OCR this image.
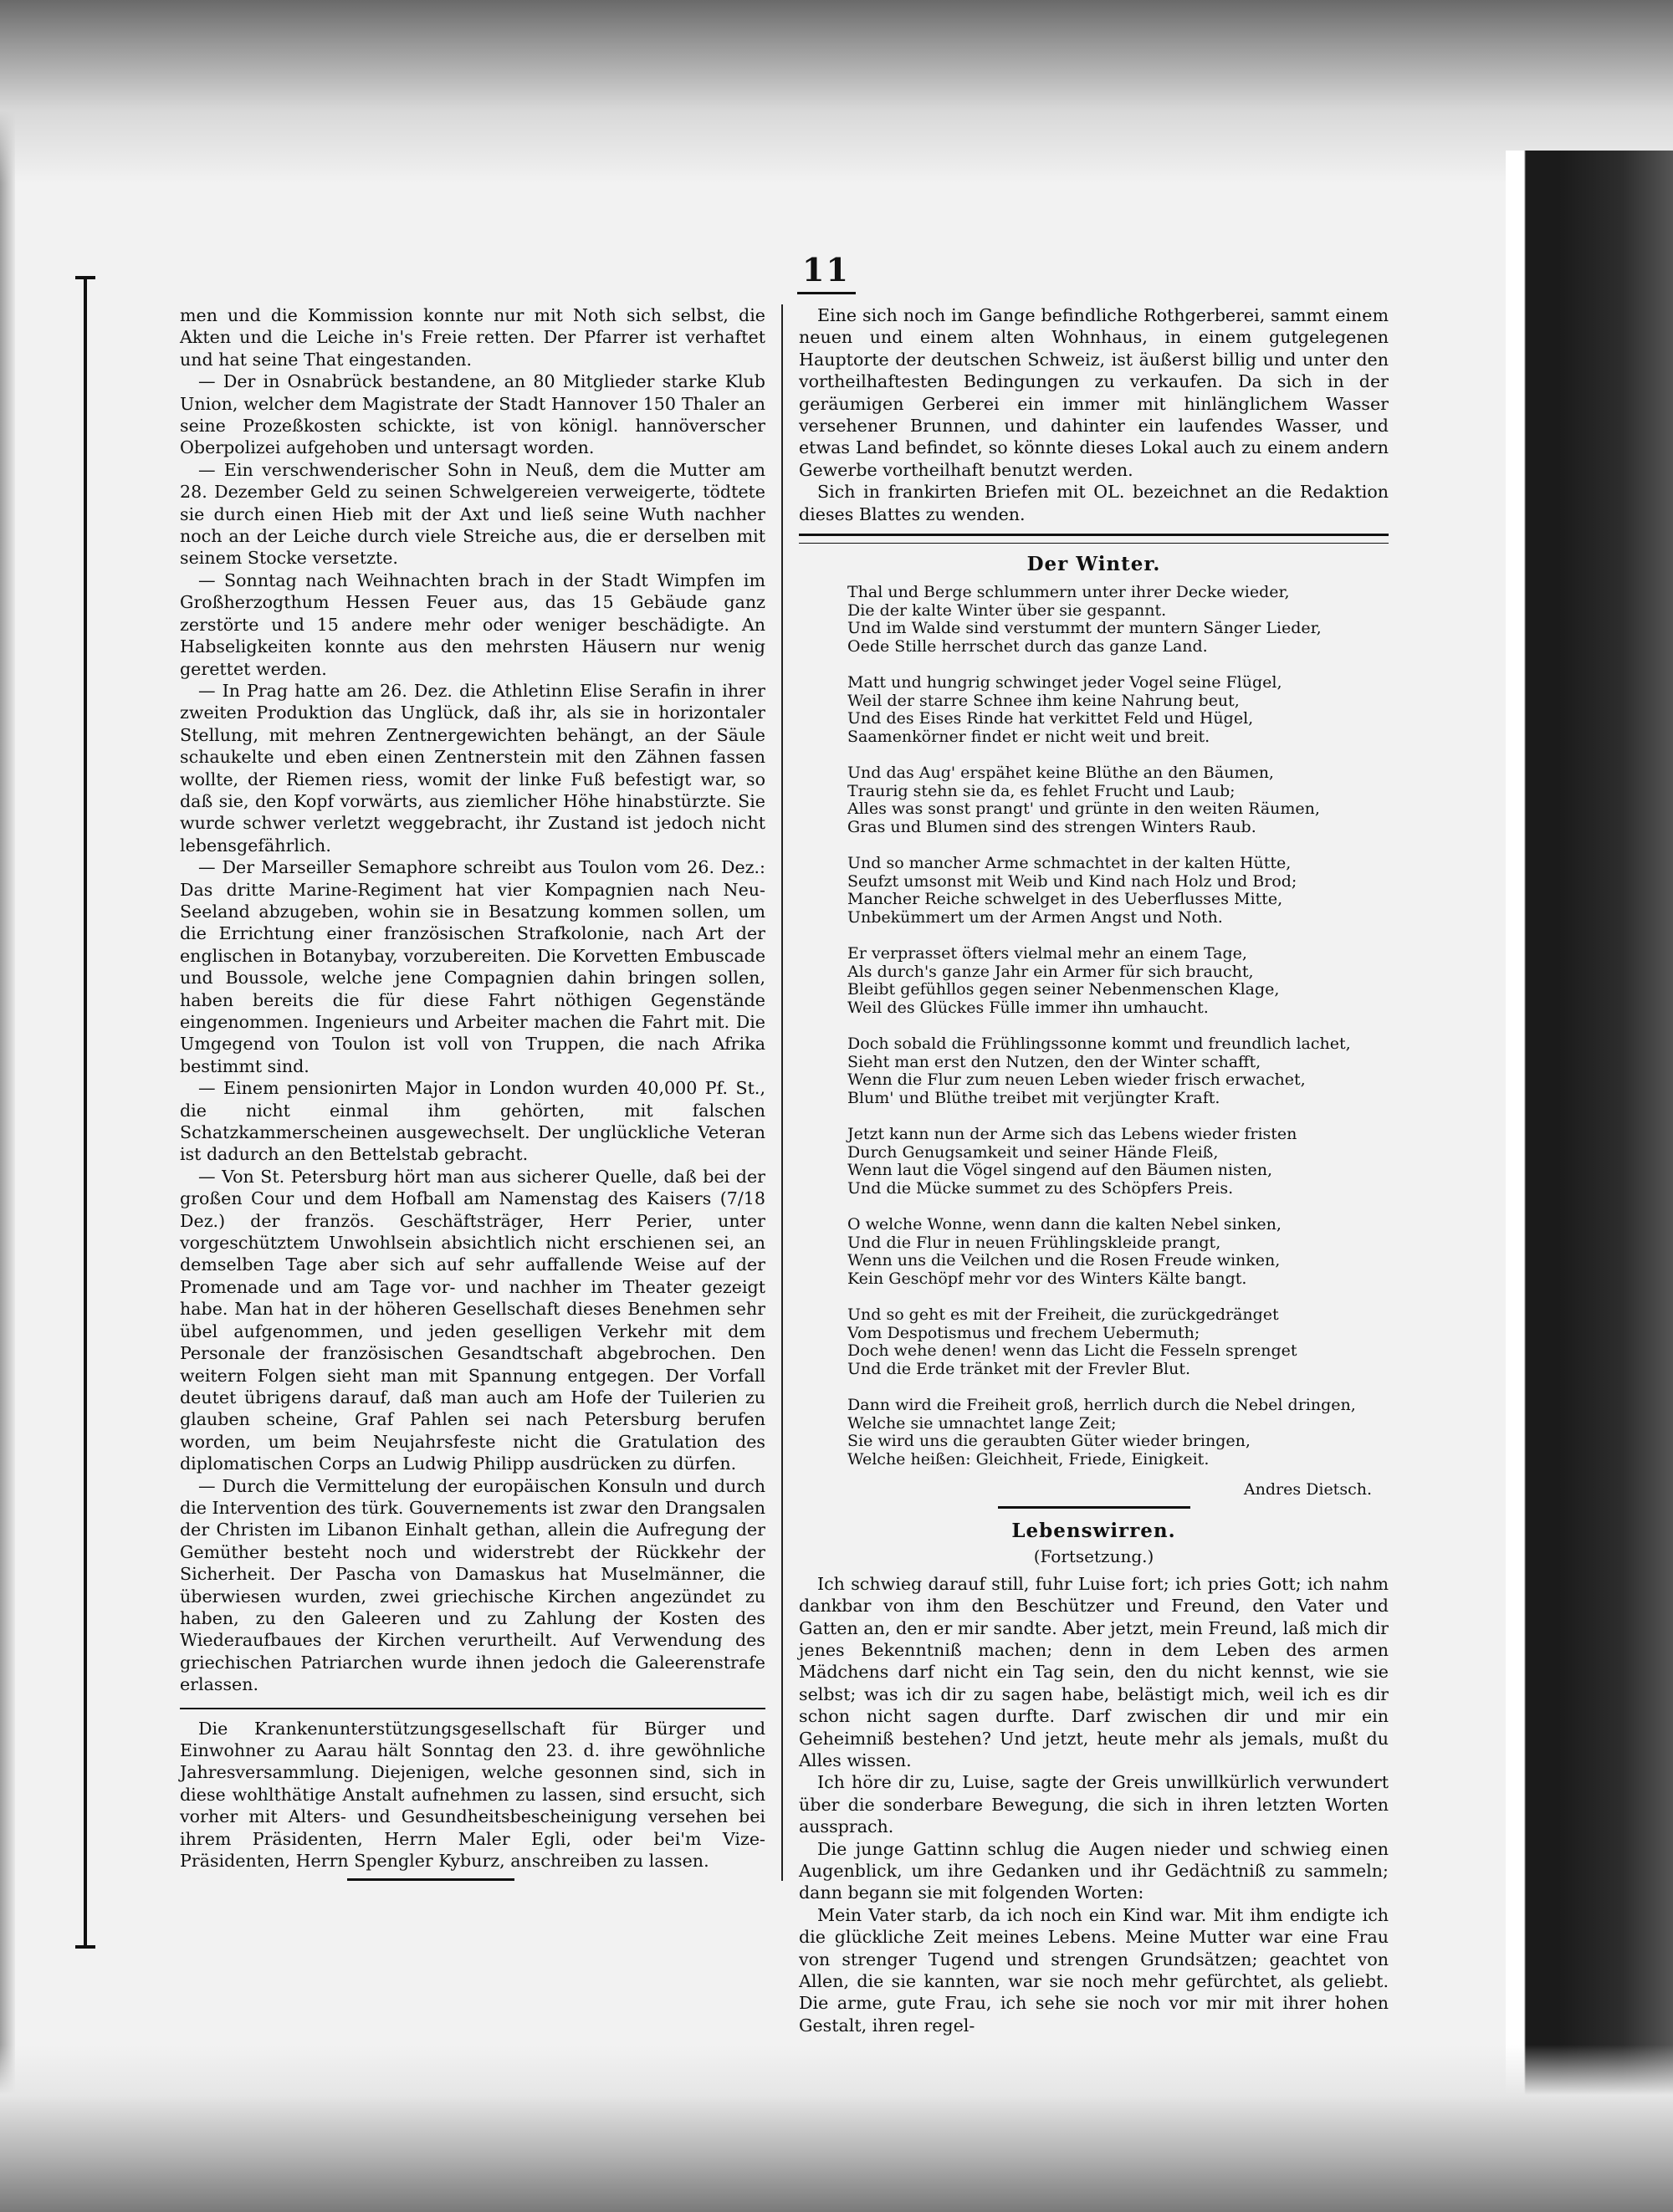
11

men und die Kommission konnte nur mit Noth sich selbst, die Akten und die Leiche in's Freie retten. Der Pfarrer ist verhaftet und hat seine That eingestanden.

— Der in Osnabrück bestandene, an 80 Mitglieder starke Klub Union, welcher dem Magistrate der Stadt Hannover 150 Thaler an seine Prozeßkosten schickte, ist von königl. hannöverscher Oberpolizei aufgehoben und untersagt worden.

— Ein verschwenderischer Sohn in Neuß, dem die Mutter am 28. Dezember Geld zu seinen Schwelgereien verweigerte, tödtete sie durch einen Hieb mit der Axt und ließ seine Wuth nachher noch an der Leiche durch viele Streiche aus, die er derselben mit seinem Stocke versetzte.

— Sonntag nach Weihnachten brach in der Stadt Wimpfen im Großherzogthum Hessen Feuer aus, das 15 Gebäude ganz zerstörte und 15 andere mehr oder weniger beschädigte. An Habseligkeiten konnte aus den mehrsten Häusern nur wenig gerettet werden.

— In Prag hatte am 26. Dez. die Athletinn Elise Serafin in ihrer zweiten Produktion das Unglück, daß ihr, als sie in horizontaler Stellung, mit mehren Zentnergewichten behängt, an der Säule schaukelte und eben einen Zentnerstein mit den Zähnen fassen wollte, der Riemen riess, womit der linke Fuß befestigt war, so daß sie, den Kopf vorwärts, aus ziemlicher Höhe hinabstürzte. Sie wurde schwer verletzt weggebracht, ihr Zustand ist jedoch nicht lebensgefährlich.

— Der Marseiller Semaphore schreibt aus Toulon vom 26. Dez.: Das dritte Marine-Regiment hat vier Kompagnien nach Neu-Seeland abzugeben, wohin sie in Besatzung kommen sollen, um die Errichtung einer französischen Strafkolonie, nach Art der englischen in Botanybay, vorzubereiten. Die Korvetten Embuscade und Boussole, welche jene Compagnien dahin bringen sollen, haben bereits die für diese Fahrt nöthigen Gegenstände eingenommen. Ingenieurs und Arbeiter machen die Fahrt mit. Die Umgegend von Toulon ist voll von Truppen, die nach Afrika bestimmt sind.

— Einem pensionirten Major in London wurden 40,000 Pf. St., die nicht einmal ihm gehörten, mit falschen Schatzkammerscheinen ausgewechselt. Der unglückliche Veteran ist dadurch an den Bettelstab gebracht.

— Von St. Petersburg hört man aus sicherer Quelle, daß bei der großen Cour und dem Hofball am Namenstag des Kaisers (7/18 Dez.) der französ. Geschäftsträger, Herr Perier, unter vorgeschütztem Unwohlsein absichtlich nicht erschienen sei, an demselben Tage aber sich auf sehr auffallende Weise auf der Promenade und am Tage vor- und nachher im Theater gezeigt habe. Man hat in der höheren Gesellschaft dieses Benehmen sehr übel aufgenommen, und jeden geselligen Verkehr mit dem Personale der französischen Gesandtschaft abgebrochen. Den weitern Folgen sieht man mit Spannung entgegen. Der Vorfall deutet übrigens darauf, daß man auch am Hofe der Tuilerien zu glauben scheine, Graf Pahlen sei nach Petersburg berufen worden, um beim Neujahrsfeste nicht die Gratulation des diplomatischen Corps an Ludwig Philipp ausdrücken zu dürfen.

— Durch die Vermittelung der europäischen Konsuln und durch die Intervention des türk. Gouvernements ist zwar den Drangsalen der Christen im Libanon Einhalt gethan, allein die Aufregung der Gemüther besteht noch und widerstrebt der Rückkehr der Sicherheit. Der Pascha von Damaskus hat Muselmänner, die überwiesen wurden, zwei griechische Kirchen angezündet zu haben, zu den Galeeren und zu Zahlung der Kosten des Wiederaufbaues der Kirchen verurtheilt. Auf Verwendung des griechischen Patriarchen wurde ihnen jedoch die Galeerenstrafe erlassen.

Die Krankenunterstützungsgesellschaft für Bürger und Einwohner zu Aarau hält Sonntag den 23. d. ihre gewöhnliche Jahresversammlung. Diejenigen, welche gesonnen sind, sich in diese wohlthätige Anstalt aufnehmen zu lassen, sind ersucht, sich vorher mit Alters- und Gesundheitsbescheinigung versehen bei ihrem Präsidenten, Herrn Maler Egli, oder bei'm Vize-Präsidenten, Herrn Spengler Kyburz, anschreiben zu lassen.

Eine sich noch im Gange befindliche Rothgerberei, sammt einem neuen und einem alten Wohnhaus, in einem gutgelegenen Hauptorte der deutschen Schweiz, ist äußerst billig und unter den vortheilhaftesten Bedingungen zu verkaufen. Da sich in der geräumigen Gerberei ein immer mit hinlänglichem Wasser versehener Brunnen, und dahinter ein laufendes Wasser, und etwas Land befindet, so könnte dieses Lokal auch zu einem andern Gewerbe vortheilhaft benutzt werden.

Sich in frankirten Briefen mit OL. bezeichnet an die Redaktion dieses Blattes zu wenden.

Der Winter.
Thal und Berge schlummern unter ihrer Decke wieder,
Die der kalte Winter über sie gespannt.
Und im Walde sind verstummt der muntern Sänger Lieder,
Oede Stille herrschet durch das ganze Land.
Matt und hungrig schwinget jeder Vogel seine Flügel,
Weil der starre Schnee ihm keine Nahrung beut,
Und des Eises Rinde hat verkittet Feld und Hügel,
Saamenkörner findet er nicht weit und breit.
Und das Aug' erspähet keine Blüthe an den Bäumen,
Traurig stehn sie da, es fehlet Frucht und Laub;
Alles was sonst prangt' und grünte in den weiten Räumen,
Gras und Blumen sind des strengen Winters Raub.
Und so mancher Arme schmachtet in der kalten Hütte,
Seufzt umsonst mit Weib und Kind nach Holz und Brod;
Mancher Reiche schwelget in des Ueberflusses Mitte,
Unbekümmert um der Armen Angst und Noth.
Er verprasset öfters vielmal mehr an einem Tage,
Als durch's ganze Jahr ein Armer für sich braucht,
Bleibt gefühllos gegen seiner Nebenmenschen Klage,
Weil des Glückes Fülle immer ihn umhaucht.
Doch sobald die Frühlingssonne kommt und freundlich lachet,
Sieht man erst den Nutzen, den der Winter schafft,
Wenn die Flur zum neuen Leben wieder frisch erwachet,
Blum' und Blüthe treibet mit verjüngter Kraft.
Jetzt kann nun der Arme sich das Lebens wieder fristen
Durch Genugsamkeit und seiner Hände Fleiß,
Wenn laut die Vögel singend auf den Bäumen nisten,
Und die Mücke summet zu des Schöpfers Preis.
O welche Wonne, wenn dann die kalten Nebel sinken,
Und die Flur in neuen Frühlingskleide prangt,
Wenn uns die Veilchen und die Rosen Freude winken,
Kein Geschöpf mehr vor des Winters Kälte bangt.
Und so geht es mit der Freiheit, die zurückgedränget
Vom Despotismus und frechem Uebermuth;
Doch wehe denen! wenn das Licht die Fesseln sprenget
Und die Erde tränket mit der Frevler Blut.
Dann wird die Freiheit groß, herrlich durch die Nebel dringen,
Welche sie umnachtet lange Zeit;
Sie wird uns die geraubten Güter wieder bringen,
Welche heißen: Gleichheit, Friede, Einigkeit.
Andres Dietsch.
Lebenswirren.
(Fortsetzung.)

Ich schwieg darauf still, fuhr Luise fort; ich pries Gott; ich nahm dankbar von ihm den Beschützer und Freund, den Vater und Gatten an, den er mir sandte. Aber jetzt, mein Freund, laß mich dir jenes Bekenntniß machen; denn in dem Leben des armen Mädchens darf nicht ein Tag sein, den du nicht kennst, wie sie selbst; was ich dir zu sagen habe, belästigt mich, weil ich es dir schon nicht sagen durfte. Darf zwischen dir und mir ein Geheimniß bestehen? Und jetzt, heute mehr als jemals, mußt du Alles wissen.

Ich höre dir zu, Luise, sagte der Greis unwillkürlich verwundert über die sonderbare Bewegung, die sich in ihren letzten Worten aussprach.

Die junge Gattinn schlug die Augen nieder und schwieg einen Augenblick, um ihre Gedanken und ihr Gedächtniß zu sammeln; dann begann sie mit folgenden Worten:

Mein Vater starb, da ich noch ein Kind war. Mit ihm endigte ich die glückliche Zeit meines Lebens. Meine Mutter war eine Frau von strenger Tugend und strengen Grundsätzen; geachtet von Allen, die sie kannten, war sie noch mehr gefürchtet, als geliebt. Die arme, gute Frau, ich sehe sie noch vor mir mit ihrer hohen Gestalt, ihren regel-
